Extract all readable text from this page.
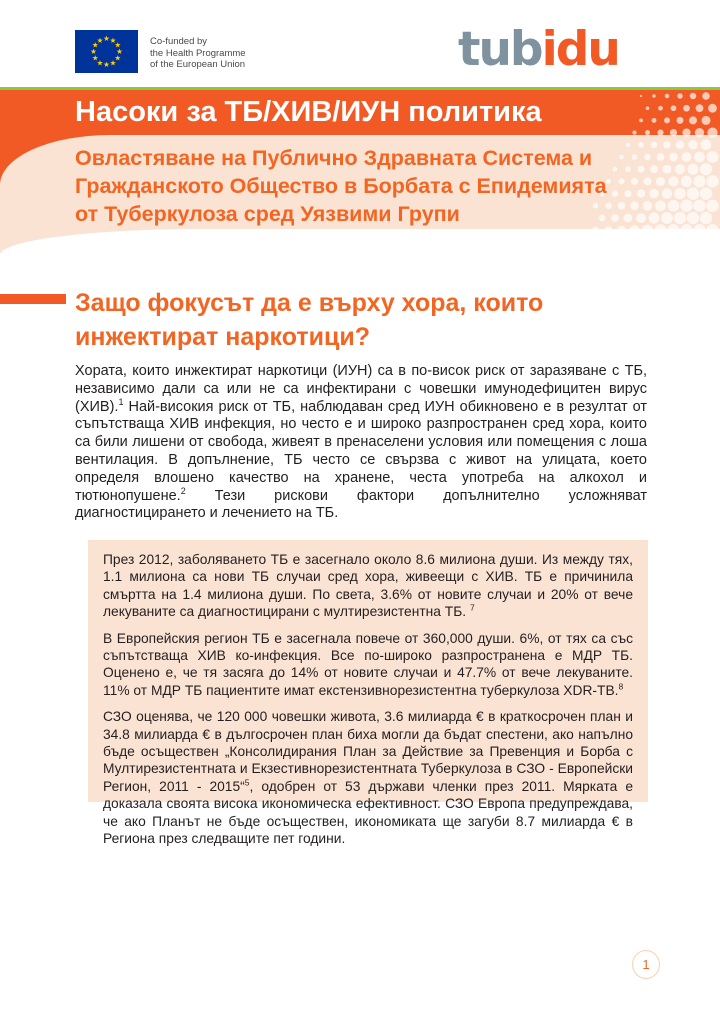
★ ★
★
★
★
★
★
★
★
★
★
★	Co-funded by
the Health Programme
of the European Union	tubidu
Насоки за ТБ/ХИВ/ИУН политика
Овластяване на Публично Здравната Система и Гражданското Общество в Борбата с Епидемията от Туберкулоза сред Уязвими Групи
Защо фокусът да е върху хора, които инжектират наркотици?
Хората, които инжектират наркотици (ИУН) са в по-висок риск от заразяване с ТБ, независимо дали са или не са инфектирани с човешки имунодефицитен вирус (ХИВ).$^1$ Най-високия риск от ТБ, наблюдаван сред ИУН обикновено е в резултат от съпътстваща ХИВ инфекция, но често е и широко разпространен сред хора, които са били лишени от свобода, живеят в пренаселени условия или помещения с лоша вентилация. В допълнение, ТБ често се свързва с живот на улицата, което определя влошено качество на хранене, честа употреба на алкохол и тютюнопушене.$^2$ Тези рискови фактори допълнително усложняват диагностицирането и лечението на ТБ.

През 2012, заболяването ТБ е засегнало около 8.6 милиона души. Из между тях, 1.1 милиона са нови ТБ случаи сред хора, живеещи с ХИВ. ТБ е причинила смъртта на 1.4 милиона души. По света, 3.6% от новите случаи и 20% от вече лекуваните са диагностицирани с мултирезистентна ТБ. $^7$

В Европейския регион ТБ е засегнала повече от 360,000 души. 6%, от тях са със съпътстваща ХИВ ко-инфекция. Все по-широко разпространена е МДР ТБ. Оценено е, че тя засяга до 14% от новите случаи и 47.7% от вече лекуваните. 11% от МДР ТБ пациентите имат екстензивнорезистентна туберкулоза XDR-TB.$^8$

СЗО оценява, че 120 000 човешки живота, 3.6 милиарда € в краткосрочен план и 34.8 милиарда € в дългосрочен план биха могли да бъдат спестени, ако напълно бъде осъществен „Консолидирания План за Действие за Превенция и Борба с Мултирезистентната и Екзестивнорезистентната Туберкулоза в СЗО - Европейски Регион, 2011 - 2015“$^5$, одобрен от 53 държави членки през 2011. Мярката е доказала своята висока икономическа ефективност. СЗО Европа предупреждава, че ако Планът не бъде осъществен, икономиката ще загуби 8.7 милиарда € в Региона през следващите пет години.

1
